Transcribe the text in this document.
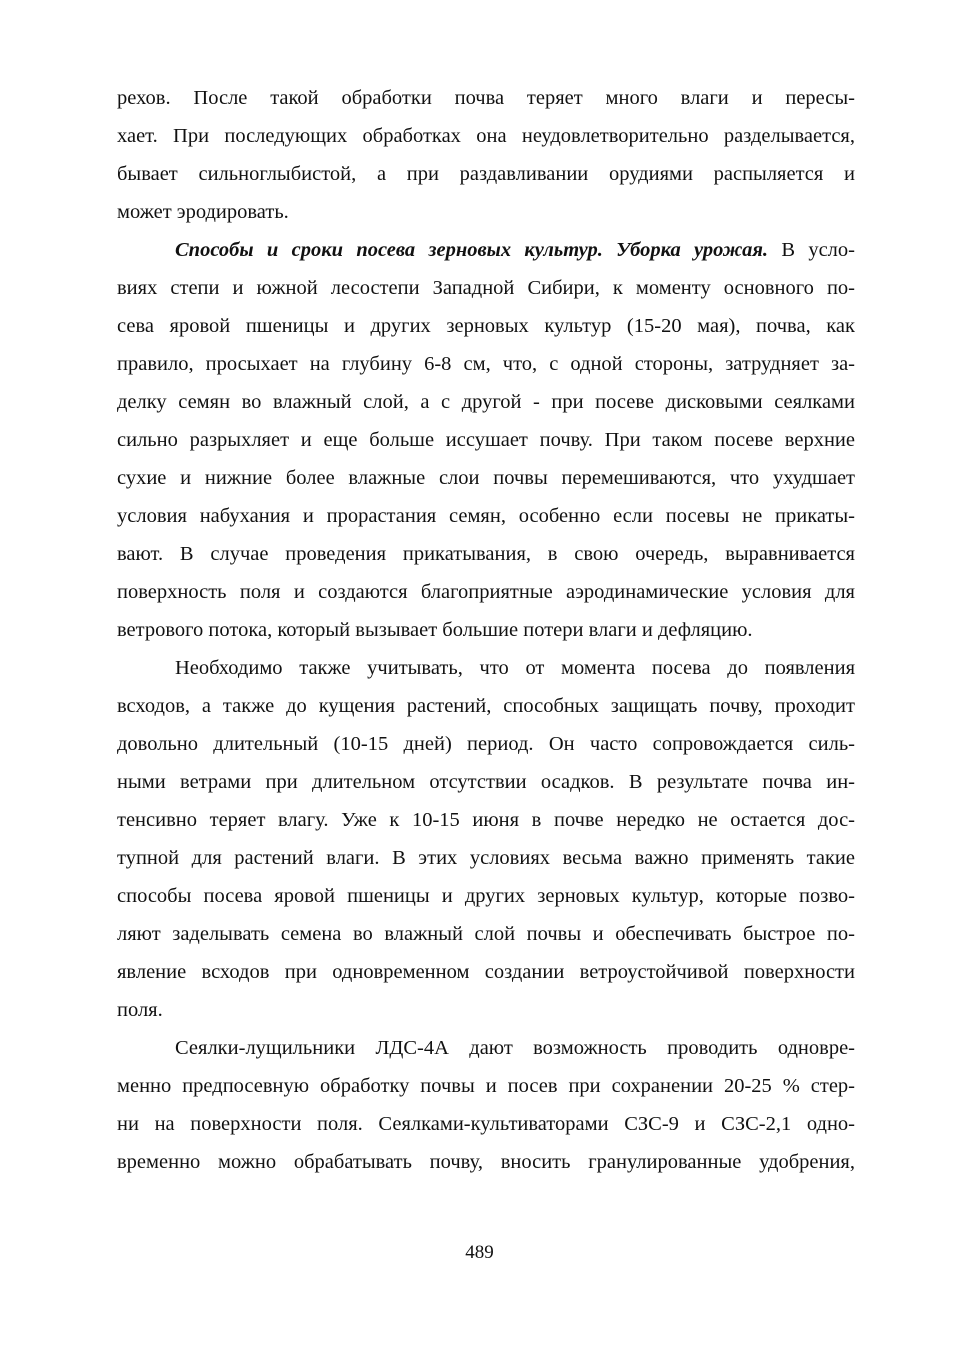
рехов. После такой обработки почва теряет много влаги и пересы-
хает. При последующих обработках она неудовлетворительно разделывается,
бывает сильноглыбистой, а при раздавливании орудиями распыляется и
может эродировать.
Способы и сроки посева зерновых культур. Уборка урожая. В усло-
виях степи и южной лесостепи Западной Сибири, к моменту основного по-
сева яровой пшеницы и других зерновых культур (15-20 мая), почва, как
правило, просыхает на глубину 6-8 см, что, с одной стороны, затрудняет за-
делку семян во влажный слой, а с другой - при посеве дисковыми сеялками
сильно разрыхляет и еще больше иссушает почву. При таком посеве верхние
сухие и нижние более влажные слои почвы перемешиваются, что ухудшает
условия набухания и прорастания семян, особенно если посевы не прикаты-
вают. В случае проведения прикатывания, в свою очередь, выравнивается
поверхность поля и создаются благоприятные аэродинамические условия для
ветрового потока, который вызывает большие потери влаги и дефляцию.
Необходимо также учитывать, что от момента посева до появления
всходов, а также до кущения растений, способных защищать почву, проходит
довольно длительный (10-15 дней) период. Он часто сопровождается силь-
ными ветрами при длительном отсутствии осадков. В результате почва ин-
тенсивно теряет влагу. Уже к 10-15 июня в почве нередко не остается дос-
тупной для растений влаги. В этих условиях весьма важно применять такие
способы посева яровой пшеницы и других зерновых культур, которые позво-
ляют заделывать семена во влажный слой почвы и обеспечивать быстрое по-
явление всходов при одновременном создании ветроустойчивой поверхности
поля.
Сеялки-лущильники ЛДС-4А дают возможность проводить одновре-
менно предпосевную обработку почвы и посев при сохранении 20-25 % стер-
ни на поверхности поля. Сеялками-культиваторами СЗС-9 и СЗС-2,1 одно-
временно можно обрабатывать почву, вносить гранулированные удобрения,
489
